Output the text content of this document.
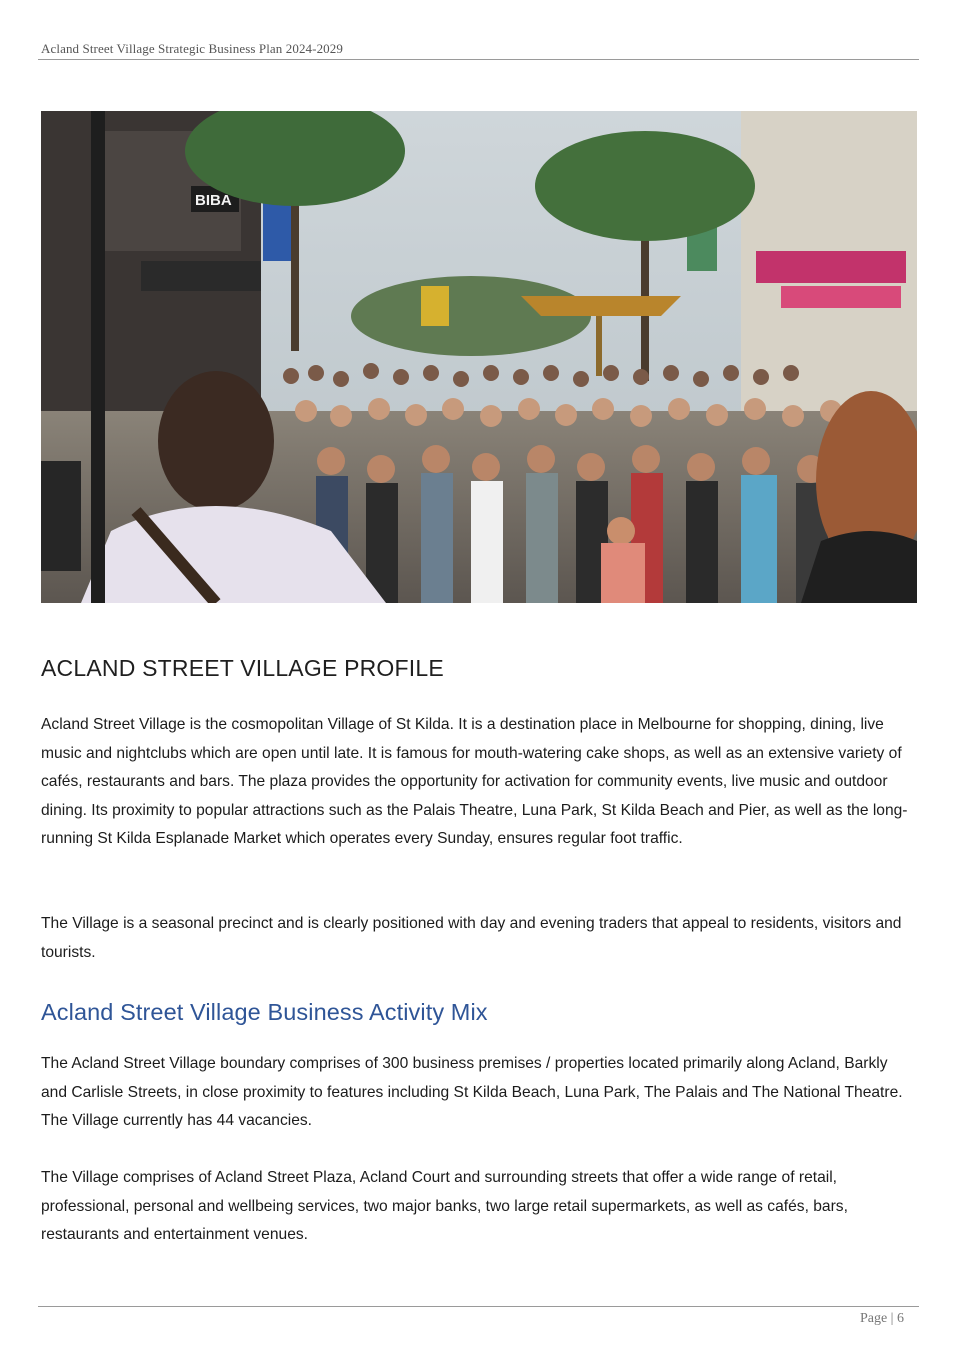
Acland Street Village Strategic Business Plan 2024-2029
BIBA
ACLAND STREET VILLAGE PROFILE

Acland Street Village is the cosmopolitan Village of St Kilda. It is a destination place in Melbourne for shopping, dining, live music and nightclubs which are open until late. It is famous for mouth-watering cake shops, as well as an extensive variety of cafés, restaurants and bars. The plaza provides the opportunity for activation for community events, live music and outdoor dining. Its proximity to popular attractions such as the Palais Theatre, Luna Park, St Kilda Beach and Pier, as well as the long-running St Kilda Esplanade Market which operates every Sunday, ensures regular foot traffic.

The Village is a seasonal precinct and is clearly positioned with day and evening traders that appeal to residents, visitors and tourists.

Acland Street Village Business Activity Mix

The Acland Street Village boundary comprises of 300 business premises / properties located primarily along Acland, Barkly and Carlisle Streets, in close proximity to features including St Kilda Beach, Luna Park, The Palais and The National Theatre. The Village currently has 44 vacancies.

The Village comprises of Acland Street Plaza, Acland Court and surrounding streets that offer a wide range of retail, professional, personal and wellbeing services, two major banks, two large retail supermarkets, as well as cafés, bars, restaurants and entertainment venues.

Page | 6
